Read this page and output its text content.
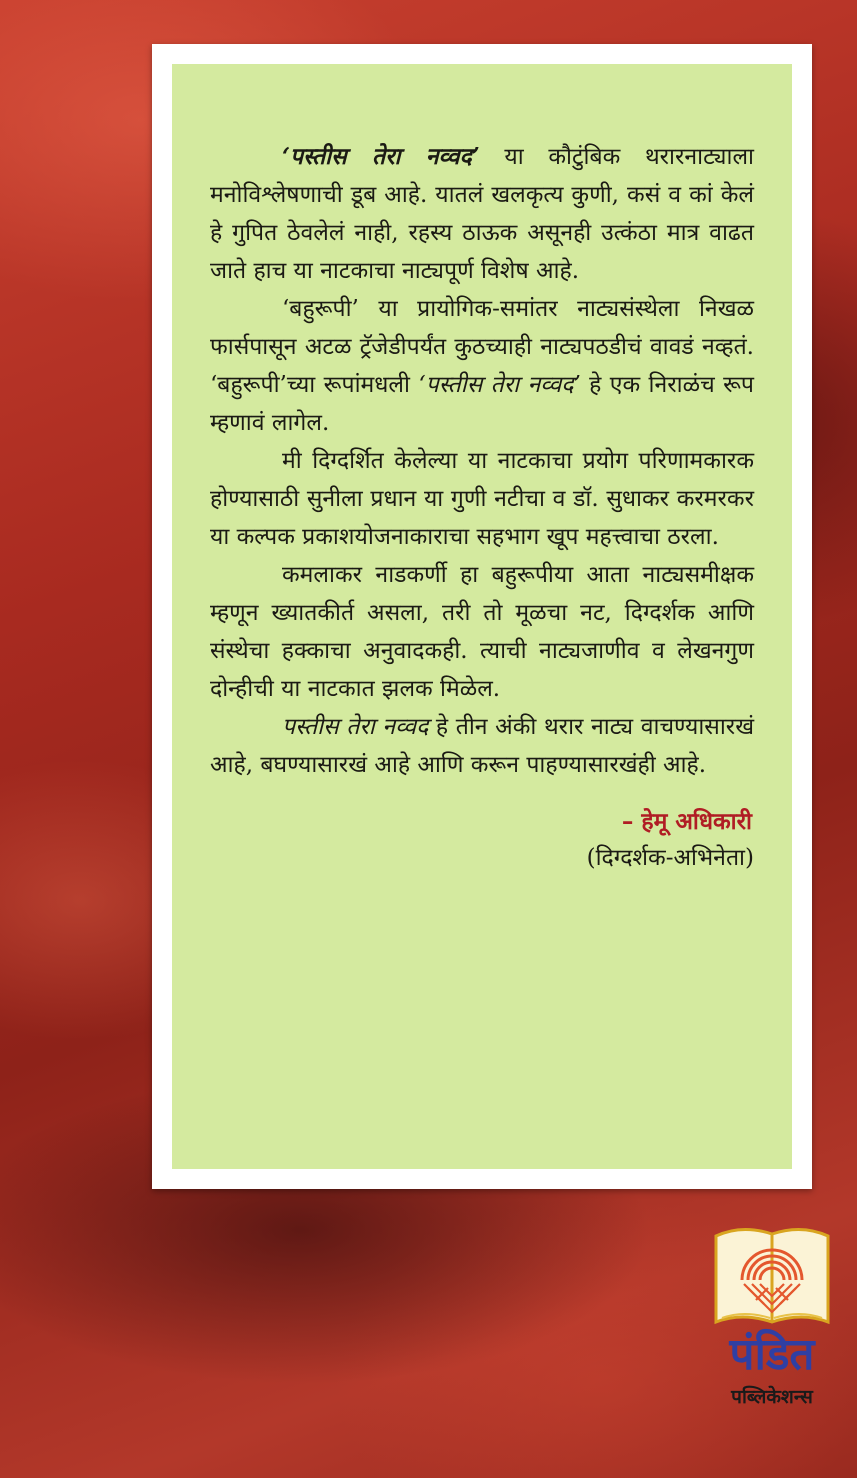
‘पस्तीस तेरा नव्वद’ या कौटुंबिक थरारनाट्याला मनोविश्लेषणाची डूब आहे. यातलं खलकृत्य कुणी, कसं व कां केलं हे गुपित ठेवलेलं नाही, रहस्य ठाऊक असूनही उत्कंठा मात्र वाढत जाते हाच या नाटकाचा नाट्यपूर्ण विशेष आहे.

‘बहुरूपी’ या प्रायोगिक-समांतर नाट्यसंस्थेला निखळ फार्सपासून अटळ ट्रॅजेडीपर्यंत कुठच्याही नाट्यपठडीचं वावडं नव्हतं. ‘बहुरूपी’च्या रूपांमधली ‘पस्तीस तेरा नव्वद’ हे एक निराळंच रूप म्हणावं लागेल.

मी दिग्दर्शित केलेल्या या नाटकाचा प्रयोग परिणामकारक होण्यासाठी सुनीला प्रधान या गुणी नटीचा व डॉ. सुधाकर करमरकर या कल्पक प्रकाशयोजनाकाराचा सहभाग खूप महत्त्वाचा ठरला.

कमलाकर नाडकर्णी हा बहुरूपीया आता नाट्यसमीक्षक म्हणून ख्यातकीर्त असला, तरी तो मूळचा नट, दिग्दर्शक आणि संस्थेचा हक्काचा अनुवादकही. त्याची नाट्यजाणीव व लेखनगुण दोन्हीची या नाटकात झलक मिळेल.

पस्तीस तेरा नव्वद हे तीन अंकी थरार नाट्य वाचण्यासारखं आहे, बघण्यासारखं आहे आणि करून पाहण्यासारखंही आहे.

– हेमू अधिकारी
(दिग्दर्शक-अभिनेता)
पंडित
पब्लिकेशन्स
